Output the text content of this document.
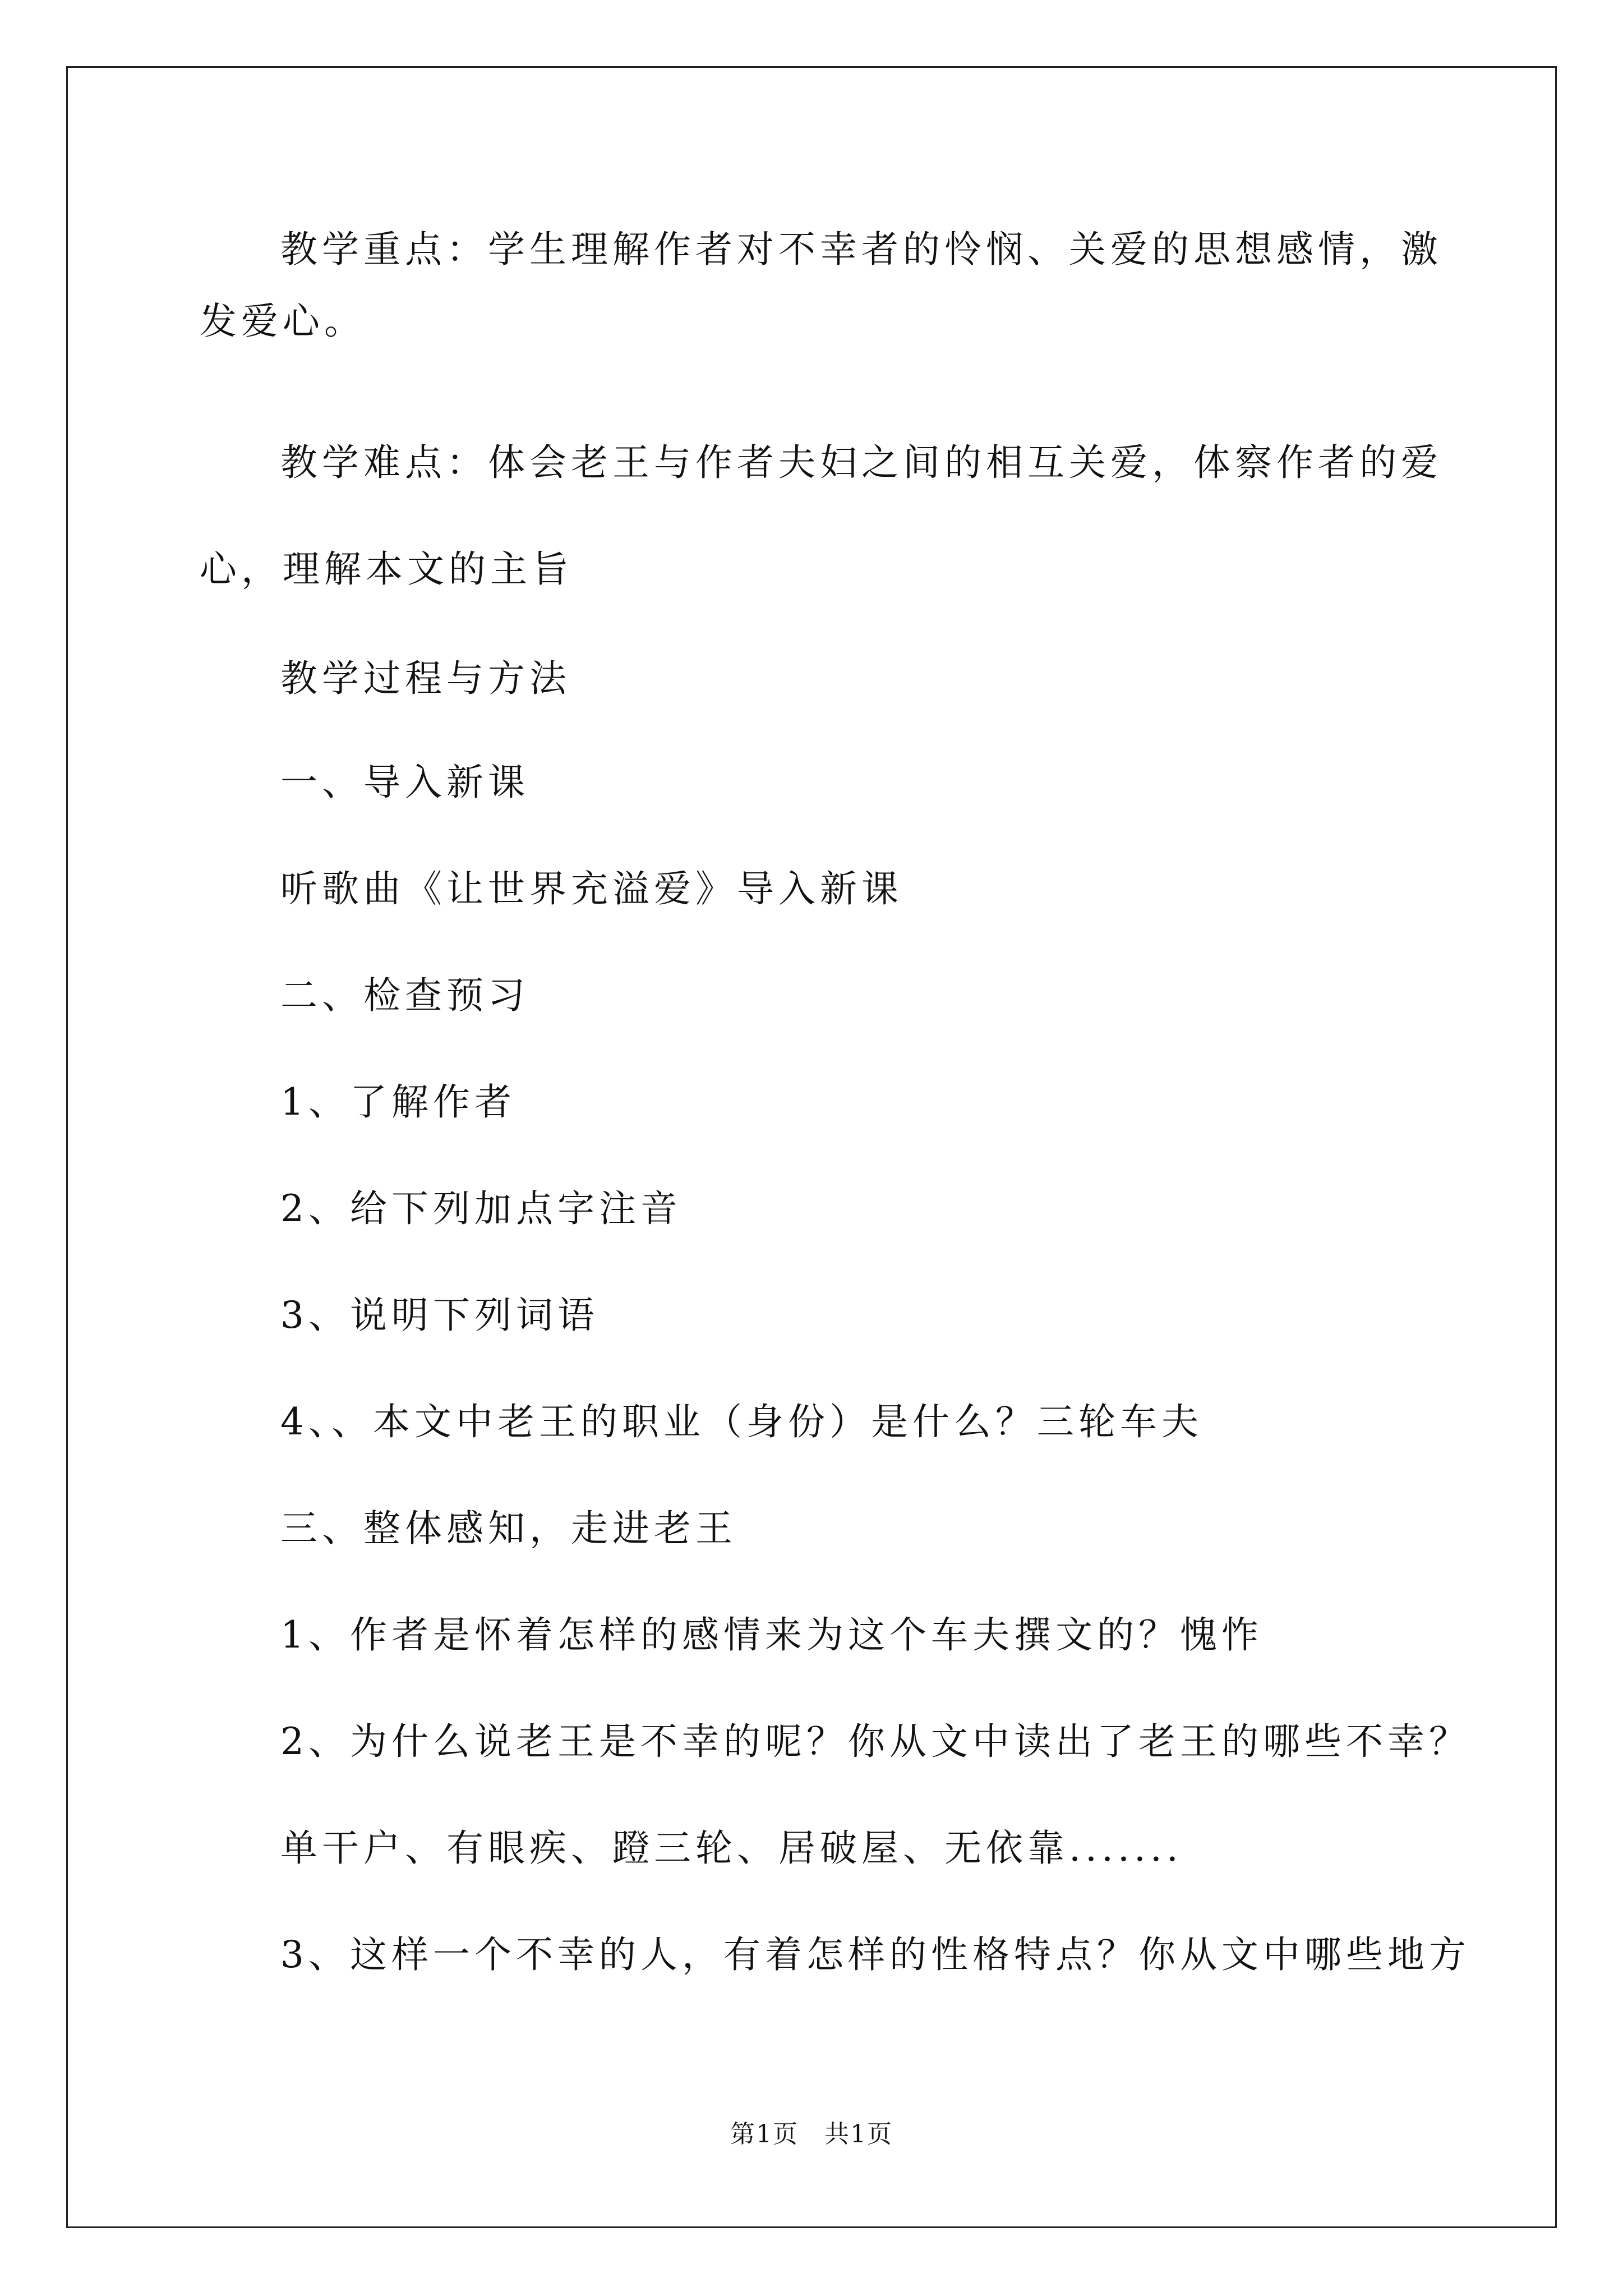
教学重点：学生理解作者对不幸者的怜悯、关爱的思想感情，激
发爱心。
教学难点：体会老王与作者夫妇之间的相互关爱，体察作者的爱
心，理解本文的主旨
教学过程与方法
一、导入新课
听歌曲《让世界充溢爱》导入新课
二、检查预习
1、了解作者
2、给下列加点字注音
3、说明下列词语
4、、本文中老王的职业（身份）是什么？三轮车夫
三、整体感知，走进老王
1、作者是怀着怎样的感情来为这个车夫撰文的？愧怍
2、为什么说老王是不幸的呢？你从文中读出了老王的哪些不幸？
单干户、有眼疾、蹬三轮、居破屋、无依靠.......
3、这样一个不幸的人，有着怎样的性格特点？你从文中哪些地方
第1页　共1页
